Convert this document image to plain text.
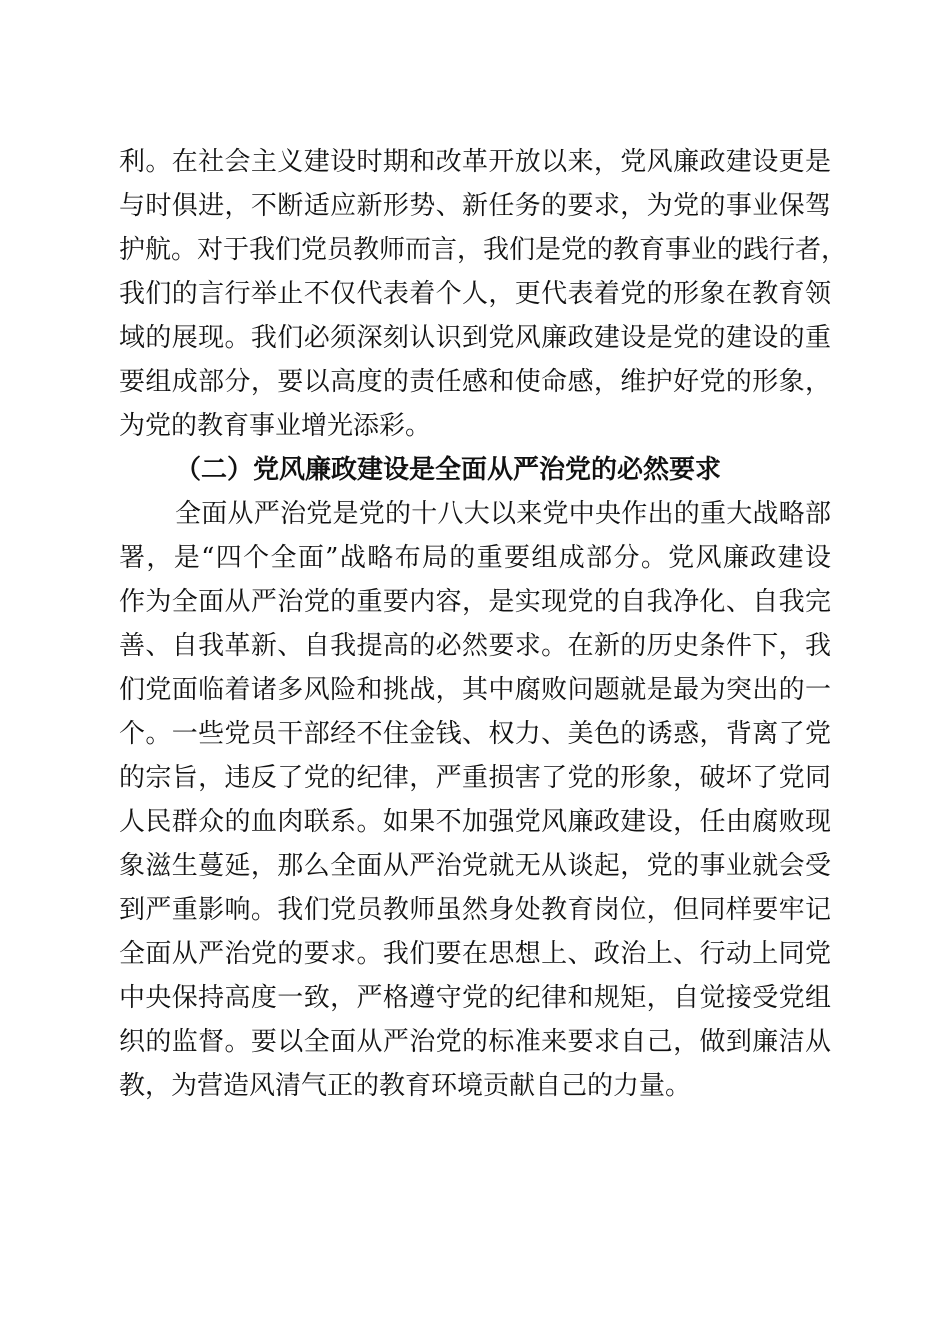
利。在社会主义建设时期和改革开放以来，党风廉政建设更是
与时俱进，不断适应新形势、新任务的要求，为党的事业保驾
护航。对于我们党员教师而言，我们是党的教育事业的践行者，
我们的言行举止不仅代表着个人，更代表着党的形象在教育领
域的展现。我们必须深刻认识到党风廉政建设是党的建设的重
要组成部分，要以高度的责任感和使命感，维护好党的形象，
为党的教育事业增光添彩。
（二）党风廉政建设是全面从严治党的必然要求
全面从严治党是党的十八大以来党中央作出的重大战略部
署，是“四个全面”战略布局的重要组成部分。党风廉政建设
作为全面从严治党的重要内容，是实现党的自我净化、自我完
善、自我革新、自我提高的必然要求。在新的历史条件下，我
们党面临着诸多风险和挑战，其中腐败问题就是最为突出的一
个。一些党员干部经不住金钱、权力、美色的诱惑，背离了党
的宗旨，违反了党的纪律，严重损害了党的形象，破坏了党同
人民群众的血肉联系。如果不加强党风廉政建设，任由腐败现
象滋生蔓延，那么全面从严治党就无从谈起，党的事业就会受
到严重影响。我们党员教师虽然身处教育岗位，但同样要牢记
全面从严治党的要求。我们要在思想上、政治上、行动上同党
中央保持高度一致，严格遵守党的纪律和规矩，自觉接受党组
织的监督。要以全面从严治党的标准来要求自己，做到廉洁从
教，为营造风清气正的教育环境贡献自己的力量。
